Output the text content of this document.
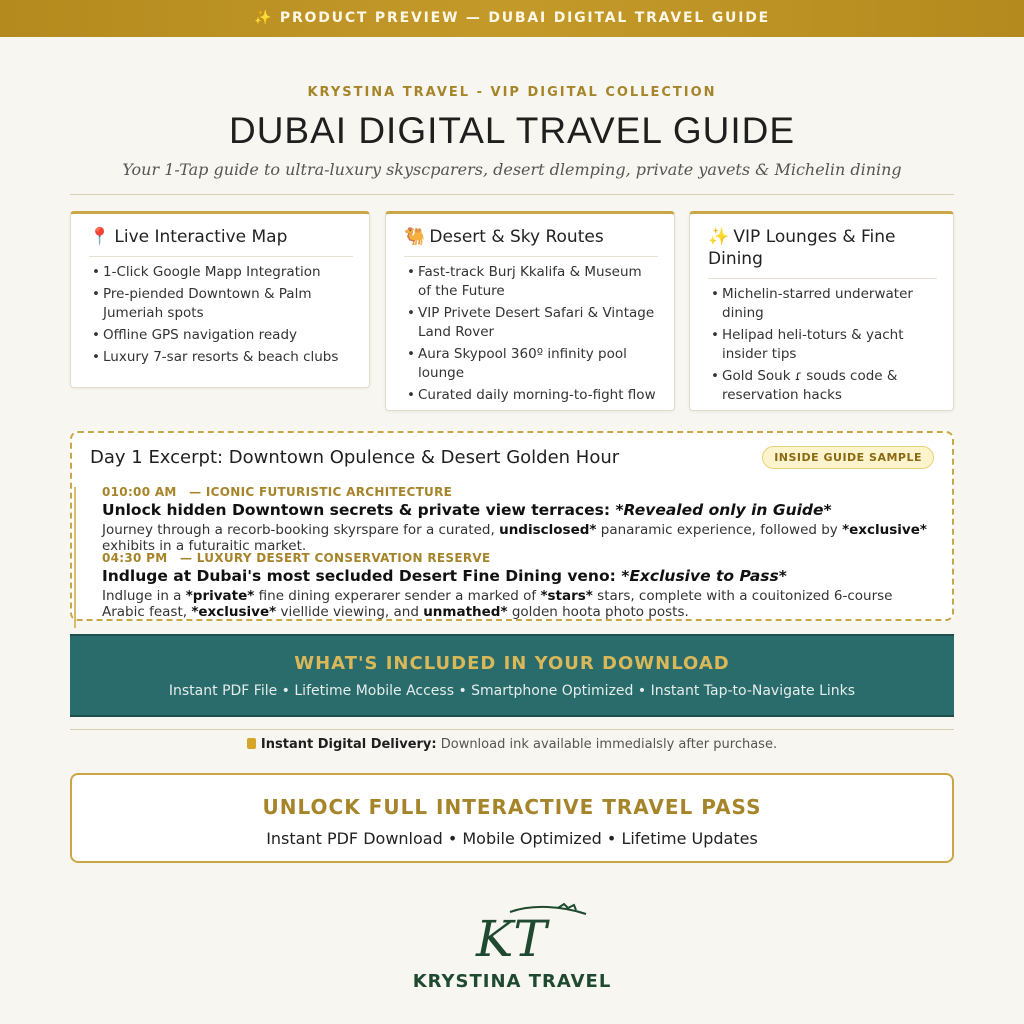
✨ PRODUCT PREVIEW — DUBAI DIGITAL TRAVEL GUIDE
KRYSTINA TRAVEL - VIP DIGITAL COLLECTION
DUBAI DIGITAL TRAVEL GUIDE
Your 1-Tap guide to ultra-luxury skyscparers, desert dlemping, private yavets & Michelin dining
📍 Live Interactive Map
• 1-Click Google Mapp Integration
• Pre-piended Downtown & Palm Jumeriah spots
• Offline GPS navigation ready
• Luxury 7-sar resorts & beach clubs
🐫 Desert & Sky Routes
• Fast-track Burj Kkalifa & Museum of the Future
• VIP Privete Desert Safari & Vintage Land Rover
• Aura Skypool 360º infinity pool lounge
• Curated daily morning-to-fight flow
✨ VIP Lounges & Fine Dining
• Michelin-starred underwater dining
• Helipad heli-toturs & yacht insider tips
• Gold Souk ɾ souds code & reservation hacks
Day 1 Excerpt: Downtown Opulence & Desert Golden Hour	INSIDE GUIDE SAMPLE
010:00 AM — ICONIC FUTURISTIC ARCHITECTURE
Unlock hidden Downtown secrets & private view terraces: *Revealed only in Guide*
Journey through a recorb-booking skyrspare for a curated, undisclosed* panaramic experience, followed by *exclusive* exhibits in a futuraitic market.
04:30 PM — LUXURY DESERT CONSERVATION RESERVE
Indluge at Dubai's most secluded Desert Fine Dining veno: *Exclusive to Pass*
Indluge in a *private* fine dining experarer sender a marked of *stars* stars, complete with a couitonized 6-course Arabic feast, *exclusive* viellide viewing, and unmathed* golden hoota photo posts.
WHAT'S INCLUDED IN YOUR DOWNLOAD
Instant PDF File • Lifetime Mobile Access • Smartphone Optimized • Instant Tap-to-Navigate Links
Instant Digital Delivery: Download ink available immedialsly after purchase.
UNLOCK FULL INTERACTIVE TRAVEL PASS
Instant PDF Download • Mobile Optimized • Lifetime Updates
KT
KRYSTINA TRAVEL
